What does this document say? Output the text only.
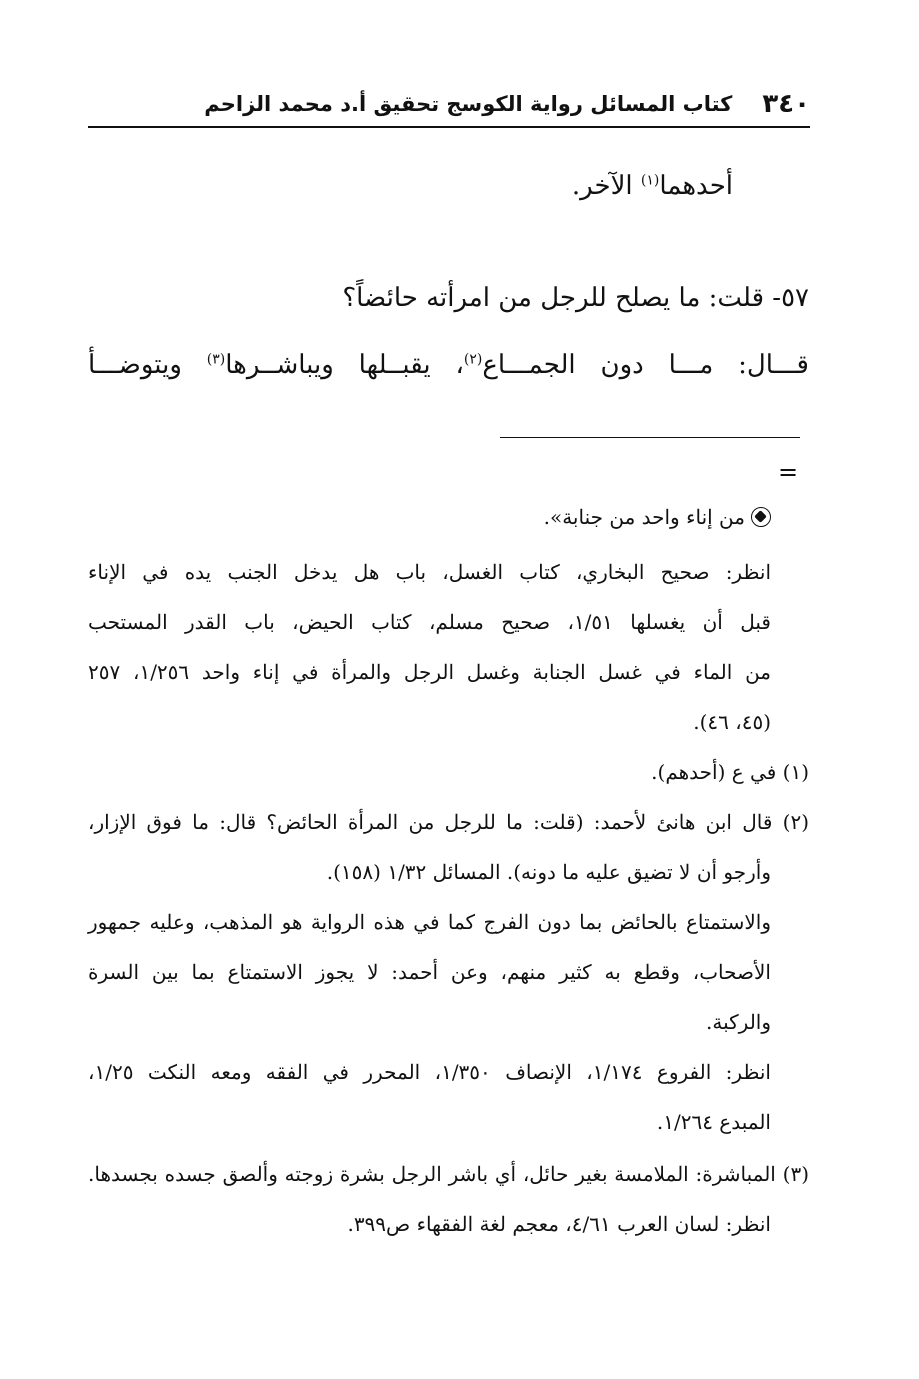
٣٤٠
كتاب المسائل رواية الكوسج تحقيق أ.د محمد الزاحم
أحدهما$^{(١)}$ الآخر.
٥٧- قلت: ما يصلح للرجل من امرأته حائضاً؟
قـــال: مـــا دون الجمـــاع$^{(٢)}$، يقبــلها ويباشــرها$^{(٣)}$ ويتوضـــأ
=
من إناء واحد من جنابة».
انظر: صحيح البخاري، كتاب الغسل، باب هل يدخل الجنب يده في الإناء
قبل أن يغسلها ١/٥١، صحيح مسلم، كتاب الحيض، باب القدر المستحب
من الماء في غسل الجنابة وغسل الرجل والمرأة في إناء واحد ١/٢٥٦، ٢٥٧
(٤٥، ٤٦).
(١) في ع (أحدهم).
(٢) قال ابن هانئ لأحمد: (قلت: ما للرجل من المرأة الحائض؟ قال: ما فوق الإزار،
وأرجو أن لا تضيق عليه ما دونه). المسائل ١/٣٢ (١٥٨).
والاستمتاع بالحائض بما دون الفرج كما في هذه الرواية هو المذهب، وعليه جمهور
الأصحاب، وقطع به كثير منهم، وعن أحمد: لا يجوز الاستمتاع بما بين السرة
والركبة.
انظر: الفروع ١/١٧٤، الإنصاف ١/٣٥٠، المحرر في الفقه ومعه النكت ١/٢٥،
المبدع ١/٢٦٤.
(٣) المباشرة: الملامسة بغير حائل، أي باشر الرجل بشرة زوجته وألصق جسده بجسدها.
انظر: لسان العرب ٤/٦١، معجم لغة الفقهاء ص٣٩٩.
